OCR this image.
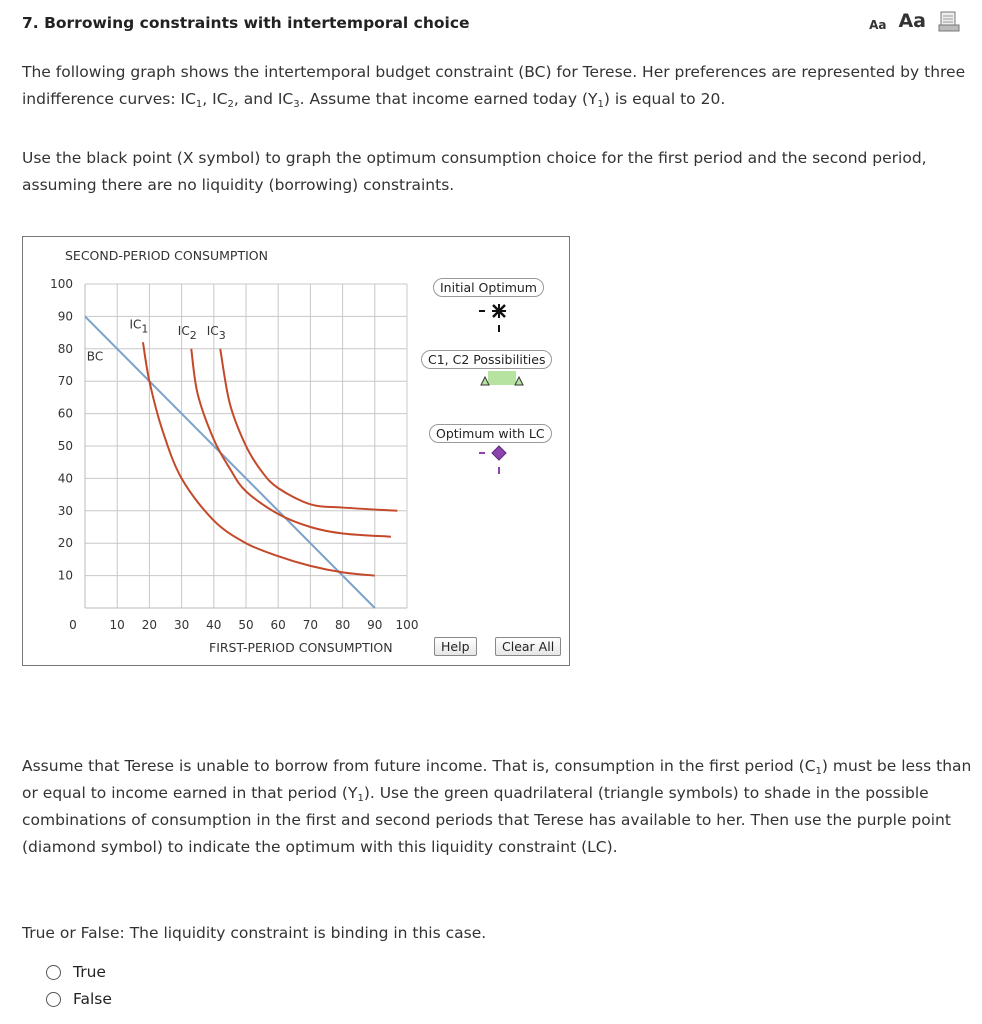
7. Borrowing constraints with intertemporal choice	Aa Aa
The following graph shows the intertemporal budget constraint (BC) for Terese. Her preferences are represented by three indifference curves: $IC_1$, $IC_2$, and $IC_3$. Assume that income earned today $(Y_1)$ is equal to 20.
Use the black point (X symbol) to graph the optimum consumption choice for the first period and the second period, assuming there are no liquidity (borrowing) constraints.
SECOND-PERIOD CONSUMPTION
0	10 20 30 40 50 60 70 80 90 100
10
20
30
40
50
60
70
80
90
100
BC
IC1 IC2 IC3
FIRST-PERIOD CONSUMPTION
Initial Optimum
C1, C2 Possibilities
Optimum with LC
Help	Clear All
Assume that Terese is unable to borrow from future income. That is, consumption in the first period $(C_1)$ must be less than or equal to income earned in that period $(Y_1)$. Use the green quadrilateral (triangle symbols) to shade in the possible combinations of consumption in the first and second periods that Terese has available to her. Then use the purple point (diamond symbol) to indicate the optimum with this liquidity constraint (LC).
True or False: The liquidity constraint is binding in this case.
True
False
